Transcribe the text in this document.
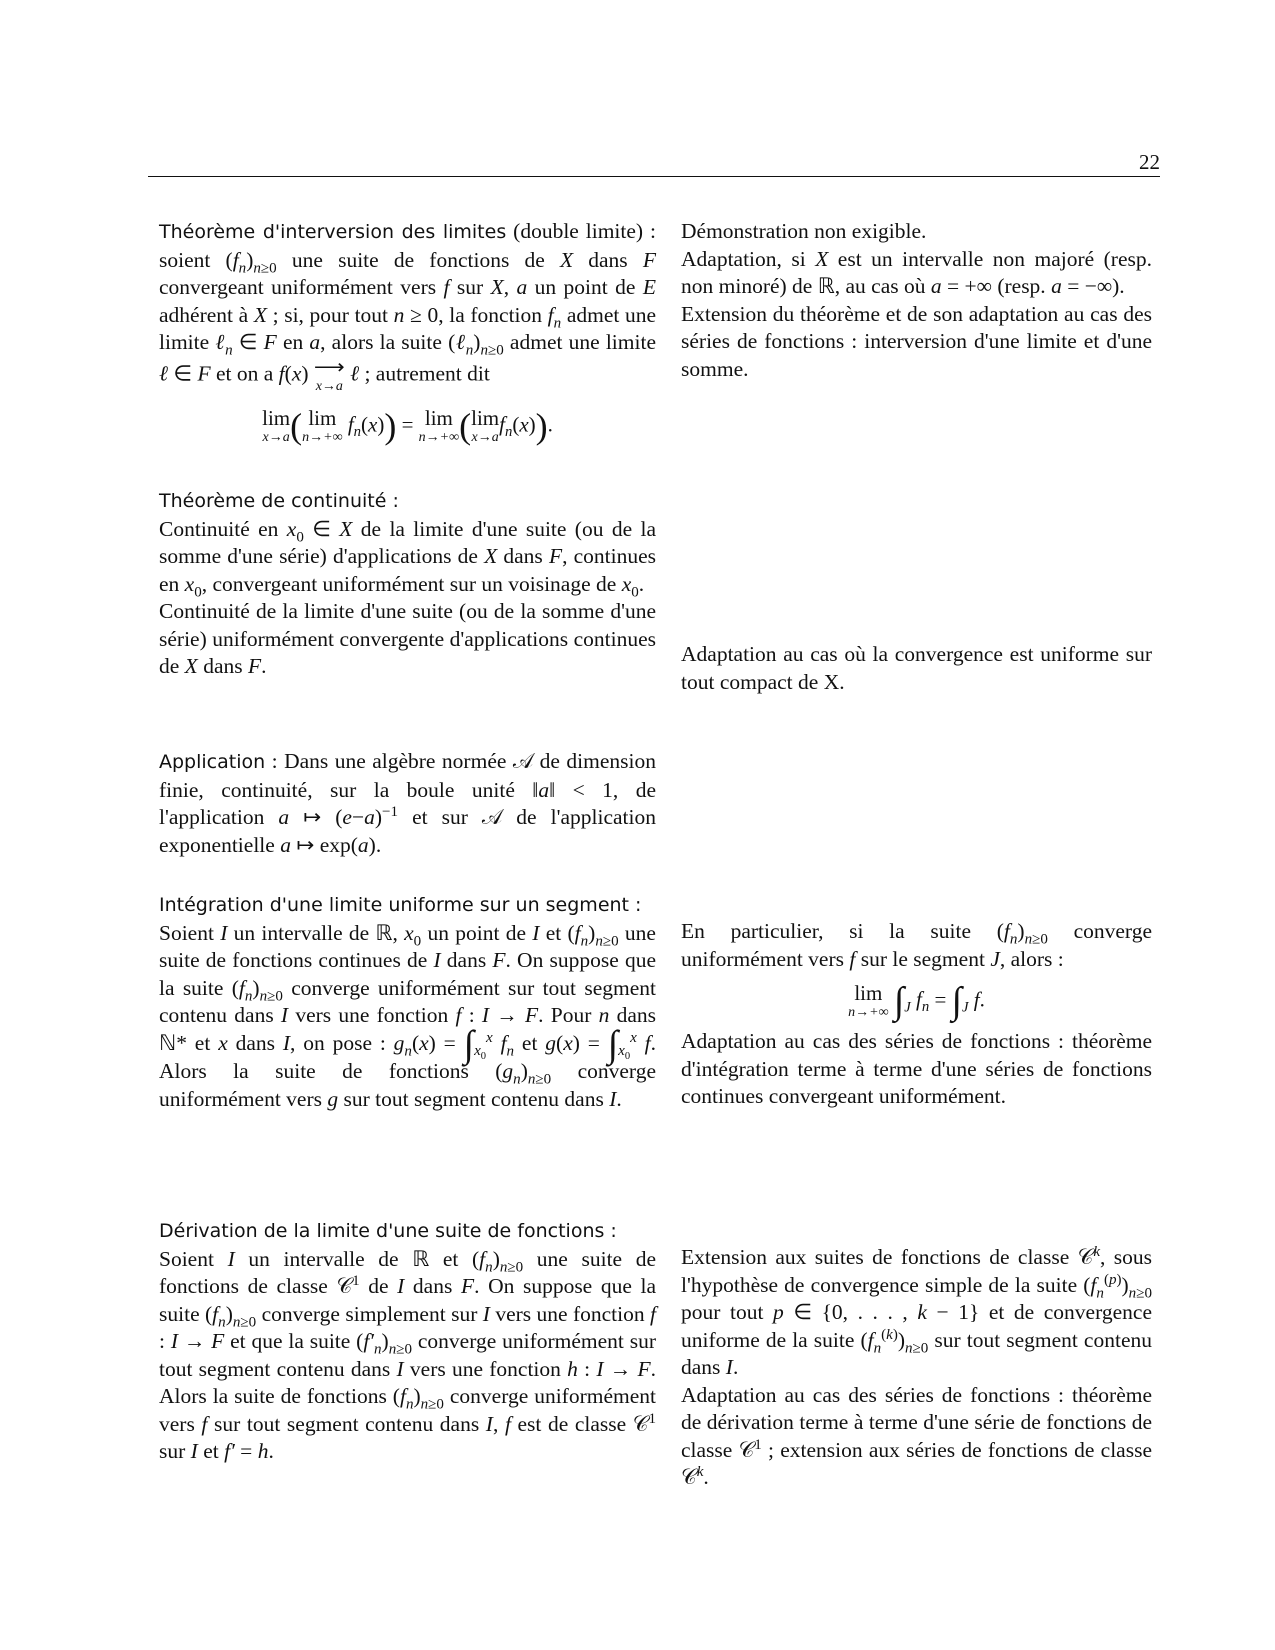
22

Théorème d'interversion des limites (double limite) : soient $(f_n)_{n\ge 0}$ une suite de fonctions de X dans F convergeant uniformément vers f sur X, a un point de E adhérent à X ; si, pour tout n ≥ 0, la fonction $f_n$ admet une limite ℓ$_n$ ∈ F en a, alors la suite $(\ell_n)_{n\ge 0}$ admet une limite ℓ ∈ F et on a f(x) ⟶
x→a
ℓ ; autrement dit

lim
x→a ( lim
n→+∞
$f_n(x)) = \lim$
n→+∞ (lim
x→a
$f_n(x)$).

Théorème de continuité :

Continuité en $x_0$ ∈ X de la limite d'une suite (ou de la somme d'une série) d'applications de X dans F, continues en $x_0$, convergeant uniformément sur un voisinage de $x_0$.

Continuité de la limite d'une suite (ou de la somme d'une série) uniformément convergente d'applications continues de X dans F.

Application : Dans une algèbre normée 𝒜 de dimension finie, continuité, sur la boule unité ‖a‖ < 1, de l'application a ↦ $(e-a)^{-1}$ et sur 𝒜 de l'application exponentielle a ↦ exp(a).

Intégration d'une limite uniforme sur un segment :

Soient I un intervalle de ℝ, $x_0$ un point de I et $(f_n)_{n\ge 0}$ une suite de fonctions continues de I dans F. On suppose que la suite $(f_n)_{n\ge 0}$ converge uniformément sur tout segment contenu dans I vers une fonction f : I → F. Pour n dans ℕ* et x dans I, on pose : $g_n(x) = \int_{x_0}^x$ $f_n$ et $g(x) = \int_{x_0}^x$ f. Alors la suite de fonctions $(g_n)_{n\ge 0}$ converge uniformément vers g sur tout segment contenu dans I.

Dérivation de la limite d'une suite de fonctions :

Soient I un intervalle de ℝ et $(f_n)_{n\ge 0}$ une suite de fonctions de classe 𝒞$^1$ de I dans F. On suppose que la suite $(f_n)_{n\ge 0}$ converge simplement sur I vers une fonction f : I → F et que la suite $(f'_n)_{n\ge 0}$ converge uniformément sur tout segment contenu dans I vers une fonction h : I → F. Alors la suite de fonctions $(f_n)_{n\ge 0}$ converge uniformément vers f sur tout segment contenu dans I, f est de classe 𝒞$^1$ sur I et f′ = h.

Démonstration non exigible.

Adaptation, si X est un intervalle non majoré (resp. non minoré) de ℝ, au cas où a = +∞ (resp. a = −∞).

Extension du théorème et de son adaptation au cas des séries de fonctions : interversion d'une limite et d'une somme.

Adaptation au cas où la convergence est uniforme sur tout compact de X.

En particulier, si la suite $(f_n)_{n\ge 0}$ converge uniformément vers f sur le segment J, alors :

lim
n→+∞ $\int_J$ $f_n = \int_J$ f.

Adaptation au cas des séries de fonctions : théorème d'intégration terme à terme d'une séries de fonctions continues convergeant uniformément.

Extension aux suites de fonctions de classe 𝒞$^k$, sous l'hypothèse de convergence simple de la suite $(f_n^{(p)})_{n\ge 0}$ pour tout p ∈ {0, . . . , k − 1} et de convergence uniforme de la suite $(f_n^{(k)})_{n\ge 0}$ sur tout segment contenu dans I.

Adaptation au cas des séries de fonctions : théorème de dérivation terme à terme d'une série de fonctions de classe 𝒞$^1$ ; extension aux séries de fonctions de classe 𝒞$^k$.
